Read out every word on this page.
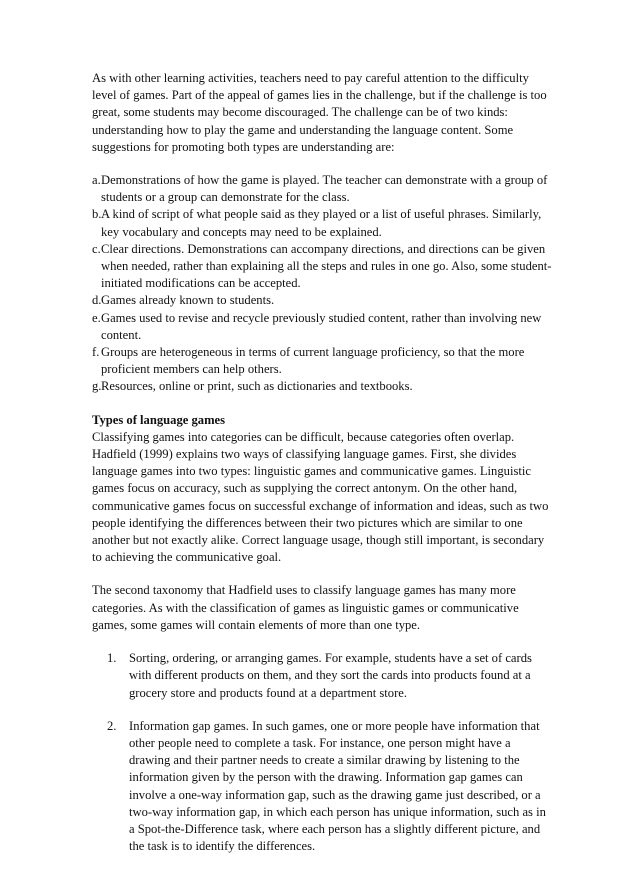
As with other learning activities, teachers need to pay careful attention to the difficulty level of games. Part of the appeal of games lies in the challenge, but if the challenge is too great, some students may become discouraged. The challenge can be of two kinds: understanding how to play the game and understanding the language content. Some suggestions for promoting both types are understanding are:

a. Demonstrations of how the game is played. The teacher can demonstrate with a group of students or a group can demonstrate for the class.
b. A kind of script of what people said as they played or a list of useful phrases. Similarly, key vocabulary and concepts may need to be explained.
c. Clear directions. Demonstrations can accompany directions, and directions can be given when needed, rather than explaining all the steps and rules in one go. Also, some student-initiated modifications can be accepted.
d. Games already known to students.
e. Games used to revise and recycle previously studied content, rather than involving new content.
f. Groups are heterogeneous in terms of current language proficiency, so that the more proficient members can help others.
g. Resources, online or print, such as dictionaries and textbooks.

Types of language games

Classifying games into categories can be difficult, because categories often overlap. Hadfield (1999) explains two ways of classifying language games. First, she divides language games into two types: linguistic games and communicative games. Linguistic games focus on accuracy, such as supplying the correct antonym. On the other hand, communicative games focus on successful exchange of information and ideas, such as two people identifying the differences between their two pictures which are similar to one another but not exactly alike. Correct language usage, though still important, is secondary to achieving the communicative goal.

The second taxonomy that Hadfield uses to classify language games has many more categories. As with the classification of games as linguistic games or communicative games, some games will contain elements of more than one type.

1. Sorting, ordering, or arranging games. For example, students have a set of cards with different products on them, and they sort the cards into products found at a grocery store and products found at a department store.
2. Information gap games. In such games, one or more people have information that other people need to complete a task. For instance, one person might have a drawing and their partner needs to create a similar drawing by listening to the information given by the person with the drawing. Information gap games can involve a one-way information gap, such as the drawing game just described, or a two-way information gap, in which each person has unique information, such as in a Spot-the-Difference task, where each person has a slightly different picture, and the task is to identify the differences.
